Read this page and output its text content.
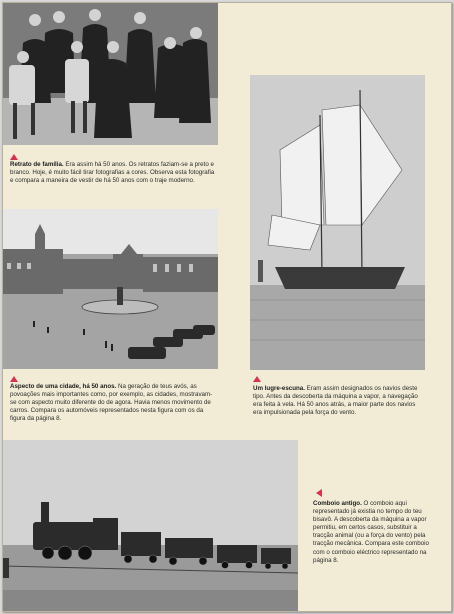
Retrato de família. Era assim há 50 anos. Os retratos faziam-se a preto e branco. Hoje, é muito fácil tirar fotografias a cores. Observa esta fotografia e compara a maneira de vestir de há 50 anos com o traje moderno.
Aspecto de uma cidade, há 50 anos. Na geração de teus avós, as povoações mais importantes como, por exemplo, as cidades, mostravam-se com aspecto muito diferente do de agora. Havia menos movimento de carros. Compara os automóveis representados nesta figura com os da figura da página 8.
Um lugre-escuna. Eram assim designados os navios deste tipo. Antes da descoberta da máquina a vapor, a navegação era feita à vela. Há 50 anos atrás, a maior parte dos navios era impulsionada pela força do vento.
Comboio antigo. O comboio aqui representado já existia no tempo do teu bisavô. A descoberta da máquina a vapor permitiu, em certos casos, substituir a tracção animal (ou a força do vento) pela tracção mecânica. Compara este comboio com o comboio eléctrico representado na página 8.
